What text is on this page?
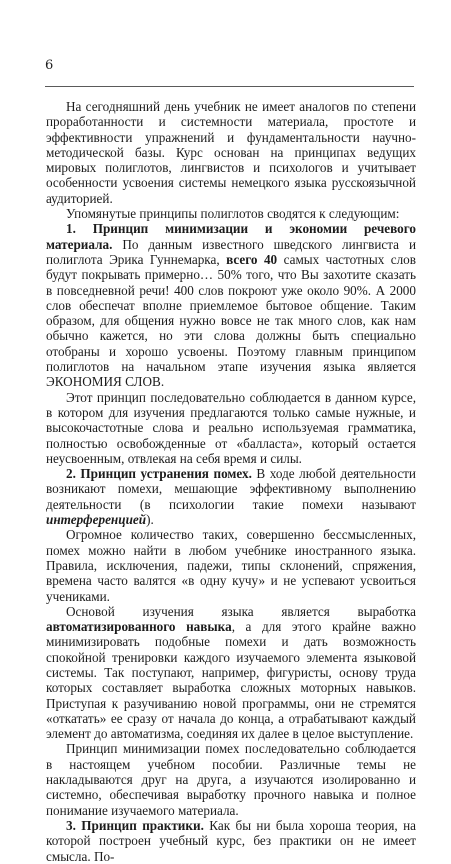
6

На сегодняшний день учебник не имеет аналогов по степени проработанности и системности материала, простоте и эффективности упражнений и фундаментальности научно-методической базы. Курс основан на принципах ведущих мировых полиглотов, лингвистов и психологов и учитывает особенности усвоения системы немецкого языка русскоязычной аудиторией.

Упомянутые принципы полиглотов сводятся к следующим:

1. Принцип минимизации и экономии речевого материала. По данным известного шведского лингвиста и полиглота Эрика Гуннемарка, всего 40 самых частотных слов будут покрывать примерно… 50% того, что Вы захотите сказать в повседневной речи! 400 слов покроют уже около 90%. А 2000 слов обеспечат вполне приемлемое бытовое общение. Таким образом, для общения нужно вовсе не так много слов, как нам обычно кажется, но эти слова должны быть специально отобраны и хорошо усвоены. Поэтому главным принципом полиглотов на начальном этапе изучения языка является ЭКОНОМИЯ СЛОВ.

Этот принцип последовательно соблюдается в данном курсе, в котором для изучения предлагаются только самые нужные, и высокочастотные слова и реально используемая грамматика, полностью освобожденные от «балласта», который остается неусвоенным, отвлекая на себя время и силы.

2. Принцип устранения помех. В ходе любой деятельности возникают помехи, мешающие эффективному выполнению деятельности (в психологии такие помехи называют интерференцией).

Огромное количество таких, совершенно бессмысленных, помех можно найти в любом учебнике иностранного языка. Правила, исключения, падежи, типы склонений, спряжения, времена часто валятся «в одну кучу» и не успевают усвоиться учениками.

Основой изучения языка является выработка автоматизированного навыка, а для этого крайне важно минимизировать подобные помехи и дать возможность спокойной тренировки каждого изучаемого элемента языковой системы. Так поступают, например, фигуристы, основу труда которых составляет выработка сложных моторных навыков. Приступая к разучиванию новой программы, они не стремятся «откатать» ее сразу от начала до конца, а отрабатывают каждый элемент до автоматизма, соединяя их далее в целое выступление.

Принцип минимизации помех последовательно соблюдается в настоящем учебном пособии. Различные темы не накладываются друг на друга, а изучаются изолированно и системно, обеспечивая выработку прочного навыка и полное понимание изучаемого материала.

3. Принцип практики. Как бы ни была хороша теория, на которой построен учебный курс, без практики он не имеет смысла. По-
